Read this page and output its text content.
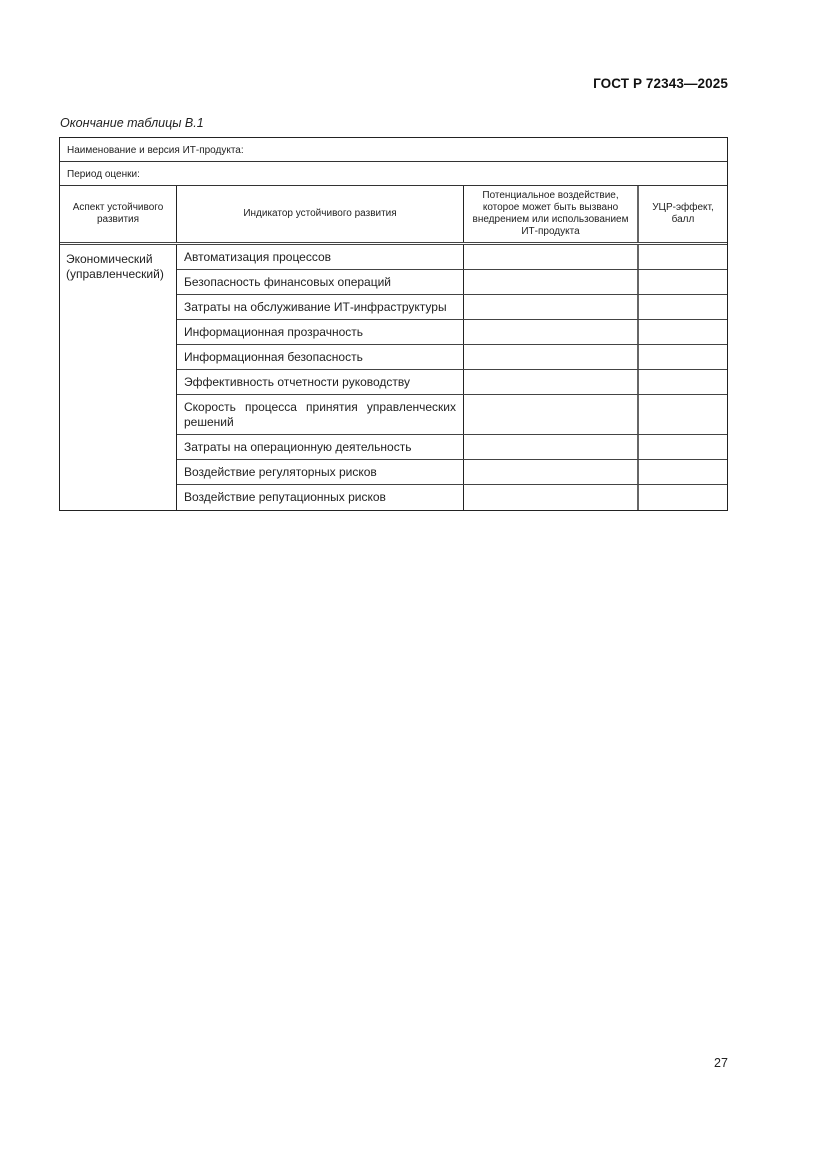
ГОСТ Р 72343—2025
Окончание таблицы В.1
Наименование и версия ИТ-продукта:
Период оценки:
Аспект устойчивого развития
Индикатор устойчивого развития
Потенциальное воздействие, которое может быть вызвано внедрением или использованием ИТ-продукта
УЦР-эффект, балл
Экономический (управленческий)
Автоматизация процессов
Безопасность финансовых операций
Затраты на обслуживание ИТ-инфраструктуры
Информационная прозрачность
Информационная безопасность
Эффективность отчетности руководству
Скорость процесса принятия управленческих решений
Затраты на операционную деятельность
Воздействие регуляторных рисков
Воздействие репутационных рисков
27
